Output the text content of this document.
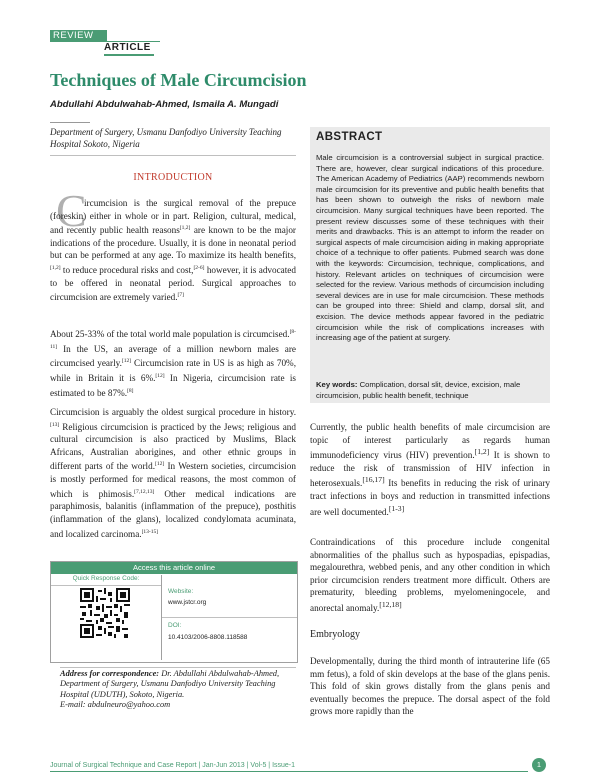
REVIEW
ARTICLE
Techniques of Male Circumcision
Abdullahi Abdulwahab-Ahmed, Ismaila A. Mungadi
Department of Surgery, Usmanu Danfodiyo University Teaching Hospital Sokoto, Nigeria
INTRODUCTION
C
ircumcision is the surgical removal of the prepuce (foreskin) either in whole or in part. Religion, cultural, medical, and recently public health reasons[1,2] are known to be the major indications of the procedure. Usually, it is done in neonatal period but can be performed at any age. To maximize its health benefits,[1,2] to reduce procedural risks and cost,[2-6] however, it is advocated to be offered in neonatal period. Surgical approaches to circumcision are extremely varied.[7]
About 25-33% of the total world male population is circumcised.[8-11] In the US, an average of a million newborn males are circumcised yearly.[12] Circumcision rate in US is as high as 70%, while in Britain it is 6%.[12] In Nigeria, circumcision rate is estimated to be 87%.[8]
Circumcision is arguably the oldest surgical procedure in history.[13] Religious circumcision is practiced by the Jews; religious and cultural circumcision is also practiced by Muslims, Black Africans, Australian aborigines, and other ethnic groups in different parts of the world.[12] In Western societies, circumcision is mostly performed for medical reasons, the most common of which is phimosis.[7,12,13] Other medical indications are paraphimosis, balanitis (inflammation of the prepuce), posthitis (inflammation of the glans), localized condylomata acuminata, and localized carcinoma.[13-15]
ABSTRACT
Male circumcision is a controversial subject in surgical practice. There are, however, clear surgical indications of this procedure. The American Academy of Pediatrics (AAP) recommends newborn male circumcision for its preventive and public health benefits that has been shown to outweigh the risks of newborn male circumcision. Many surgical techniques have been reported. The present review discusses some of these techniques with their merits and drawbacks. This is an attempt to inform the reader on surgical aspects of male circumcision aiding in making appropriate choice of a technique to offer patients. Pubmed search was done with the keywords: Circumcision, technique, complications, and history. Relevant articles on techniques of circumcision were selected for the review. Various methods of circumcision including several devices are in use for male circumcision. These methods can be grouped into three: Shield and clamp, dorsal slit, and excision. The device methods appear favored in the pediatric circumcision while the risk of complications increases with increasing age of the patient at surgery.
Key words: Complication, dorsal slit, device, excision, male circumcision, public health benefit, technique
Currently, the public health benefits of male circumcision are topic of interest particularly as regards human immunodeficiency virus (HIV) prevention.[1,2] It is shown to reduce the risk of transmission of HIV infection in heterosexuals.[16,17] Its benefits in reducing the risk of urinary tract infections in boys and reduction in transmitted infections are well documented.[1-3]
Contraindications of this procedure include congenital abnormalities of the phallus such as hypospadias, epispadias, megalourethra, webbed penis, and any other condition in which prior circumcision renders treatment more difficult. Others are prematurity, bleeding problems, myelomeningocele, and anorectal anomaly.[12,18]
Embryology
Developmentally, during the third month of intrauterine life (65 mm fetus), a fold of skin develops at the base of the glans penis. This fold of skin grows distally from the glans penis and eventually becomes the prepuce. The dorsal aspect of the fold grows more rapidly than the
Access this article online
Quick Response Code:
Website:
www.jstcr.org
DOI:
10.4103/2006-8808.118588
Address for correspondence: Dr. Abdullahi Abdulwahab-Ahmed,
Department of Surgery, Usmanu Danfodiyo University Teaching Hospital (UDUTH), Sokoto, Nigeria.
E-mail: abdulneuro@yahoo.com
Journal of Surgical Technique and Case Report | Jan-Jun 2013 | Vol-5 | Issue-1	1
